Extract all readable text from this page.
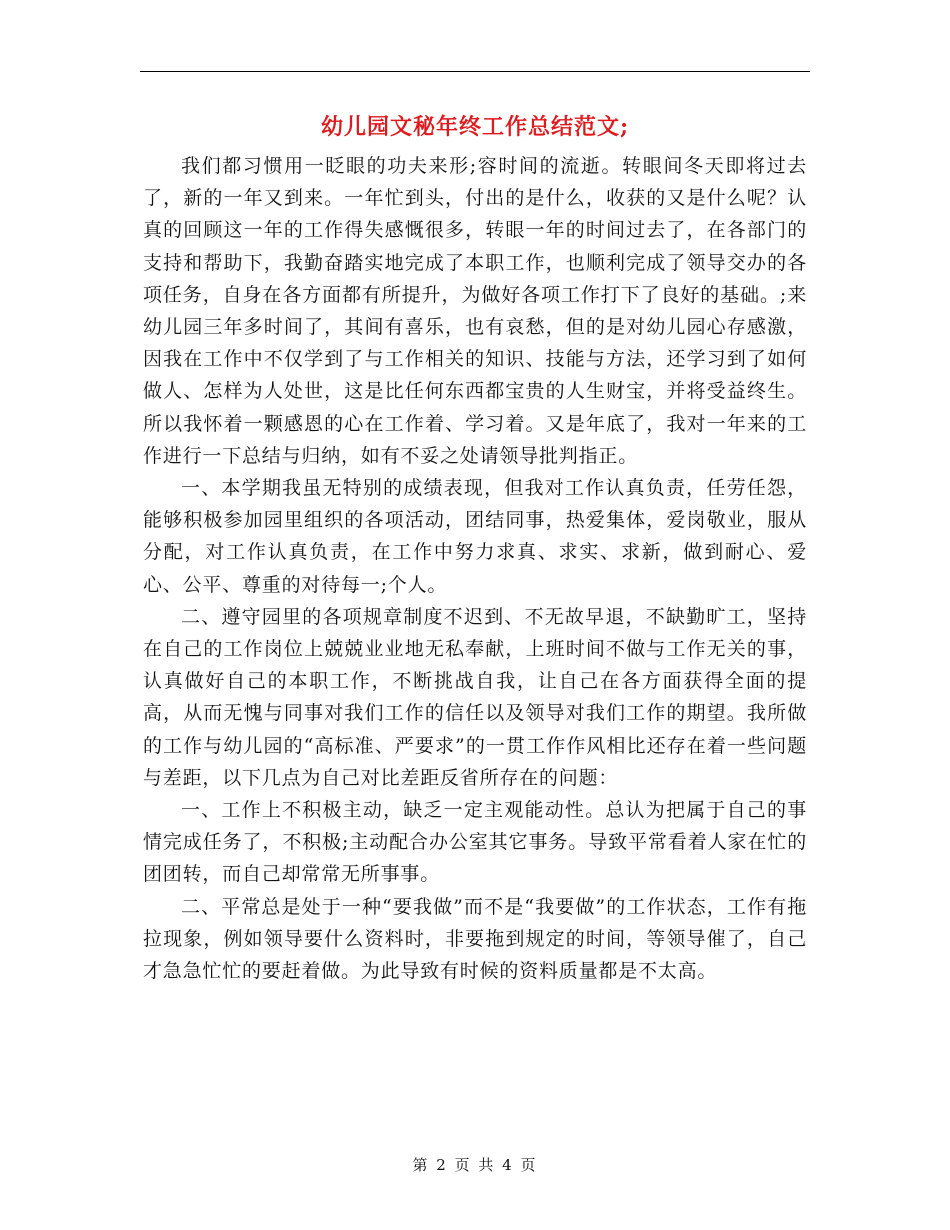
幼儿园文秘年终工作总结范文;

我们都习惯用一眨眼的功夫来形;容时间的流逝。转眼间冬天即将过去了，新的一年又到来。一年忙到头，付出的是什么，收获的又是什么呢？认真的回顾这一年的工作得失感慨很多，转眼一年的时间过去了，在各部门的支持和帮助下，我勤奋踏实地完成了本职工作，也顺利完成了领导交办的各项任务，自身在各方面都有所提升，为做好各项工作打下了良好的基础。;来幼儿园三年多时间了，其间有喜乐，也有哀愁，但的是对幼儿园心存感激，因我在工作中不仅学到了与工作相关的知识、技能与方法，还学习到了如何做人、怎样为人处世，这是比任何东西都宝贵的人生财宝，并将受益终生。所以我怀着一颗感恩的心在工作着、学习着。又是年底了，我对一年来的工作进行一下总结与归纳，如有不妥之处请领导批判指正。

一、本学期我虽无特别的成绩表现，但我对工作认真负责，任劳任怨，能够积极参加园里组织的各项活动，团结同事，热爱集体，爱岗敬业，服从分配，对工作认真负责，在工作中努力求真、求实、求新，做到耐心、爱心、公平、尊重的对待每一;个人。

二、遵守园里的各项规章制度不迟到、不无故早退，不缺勤旷工，坚持在自己的工作岗位上兢兢业业地无私奉献，上班时间不做与工作无关的事，认真做好自己的本职工作，不断挑战自我，让自己在各方面获得全面的提高，从而无愧与同事对我们工作的信任以及领导对我们工作的期望。我所做的工作与幼儿园的“高标准、严要求”的一贯工作作风相比还存在着一些问题与差距，以下几点为自己对比差距反省所存在的问题：

一、工作上不积极主动，缺乏一定主观能动性。总认为把属于自己的事情完成任务了，不积极;主动配合办公室其它事务。导致平常看着人家在忙的团团转，而自己却常常无所事事。

二、平常总是处于一种“要我做”而不是“我要做”的工作状态，工作有拖拉现象，例如领导要什么资料时，非要拖到规定的时间，等领导催了，自己才急急忙忙的要赶着做。为此导致有时候的资料质量都是不太高。

第 2 页 共 4 页
